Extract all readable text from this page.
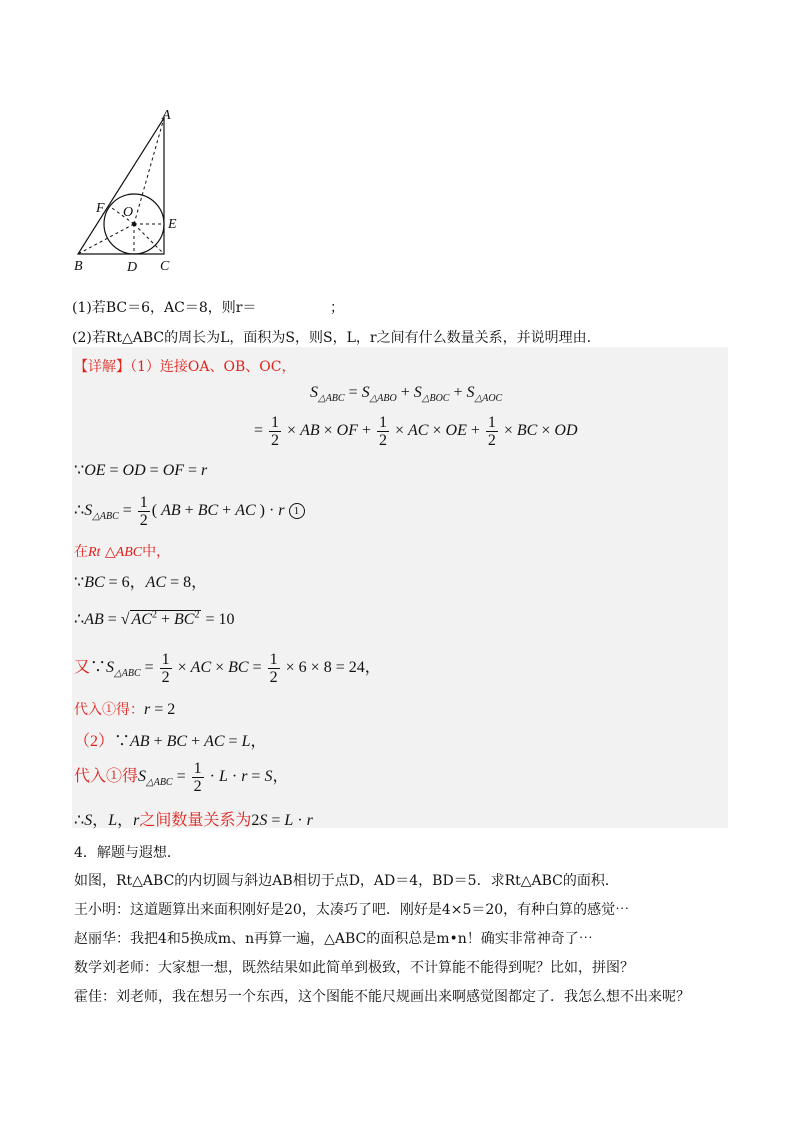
A
B	C
D
E
F O
(1)若BC＝6，AC＝8，则r＝	；
(2)若Rt△ABC的周长为L，面积为S，则S，L，r之间有什么数量关系，并说明理由.
【详解】（1）连接OA、OB、OC，
$S_{\triangle ABC} = S_{\triangle ABO} + S_{\triangle BOC} + S_{\triangle AOC}$
= $\frac{1}{2}$ × AB × OF + $\frac{1}{2}$ × AC × OE + $\frac{1}{2}$ × BC × OD
∵OE = OD = OF = r
$\therefore S_{\triangle ABC} = \frac{1}{2}$ ( AB + BC + AC ) · r 1
在Rt △ABC中，
∵BC = 6，AC = 8，
∴AB = √ $AC^2 + BC^2 = 10$
又$\because S_{\triangle ABC} = \frac{1}{2}$ × AC × BC = $\frac{1}{2} \times 6 \times 8 = 24$，
代入①得：r = 2
（2）∵AB + BC + AC = L，
代入①得$S_{\triangle ABC} = \frac{1}{2} \cdot L \cdot r = S$，
∴S，L，r之间数量关系为2S = L · r
4．解题与遐想．
如图，Rt△ABC的内切圆与斜边AB相切于点D，AD＝4，BD＝5．求Rt△ABC的面积．
王小明：这道题算出来面积刚好是20，太凑巧了吧．刚好是4×5＝20，有种白算的感觉⋯
赵丽华：我把4和5换成m、n再算一遍，△ABC的面积总是m•n！确实非常神奇了⋯
数学刘老师：大家想一想，既然结果如此简单到极致，不计算能不能得到呢？比如，拼图？
霍佳：刘老师，我在想另一个东西，这个图能不能尺规画出来啊感觉图都定了．我怎么想不出来呢？
